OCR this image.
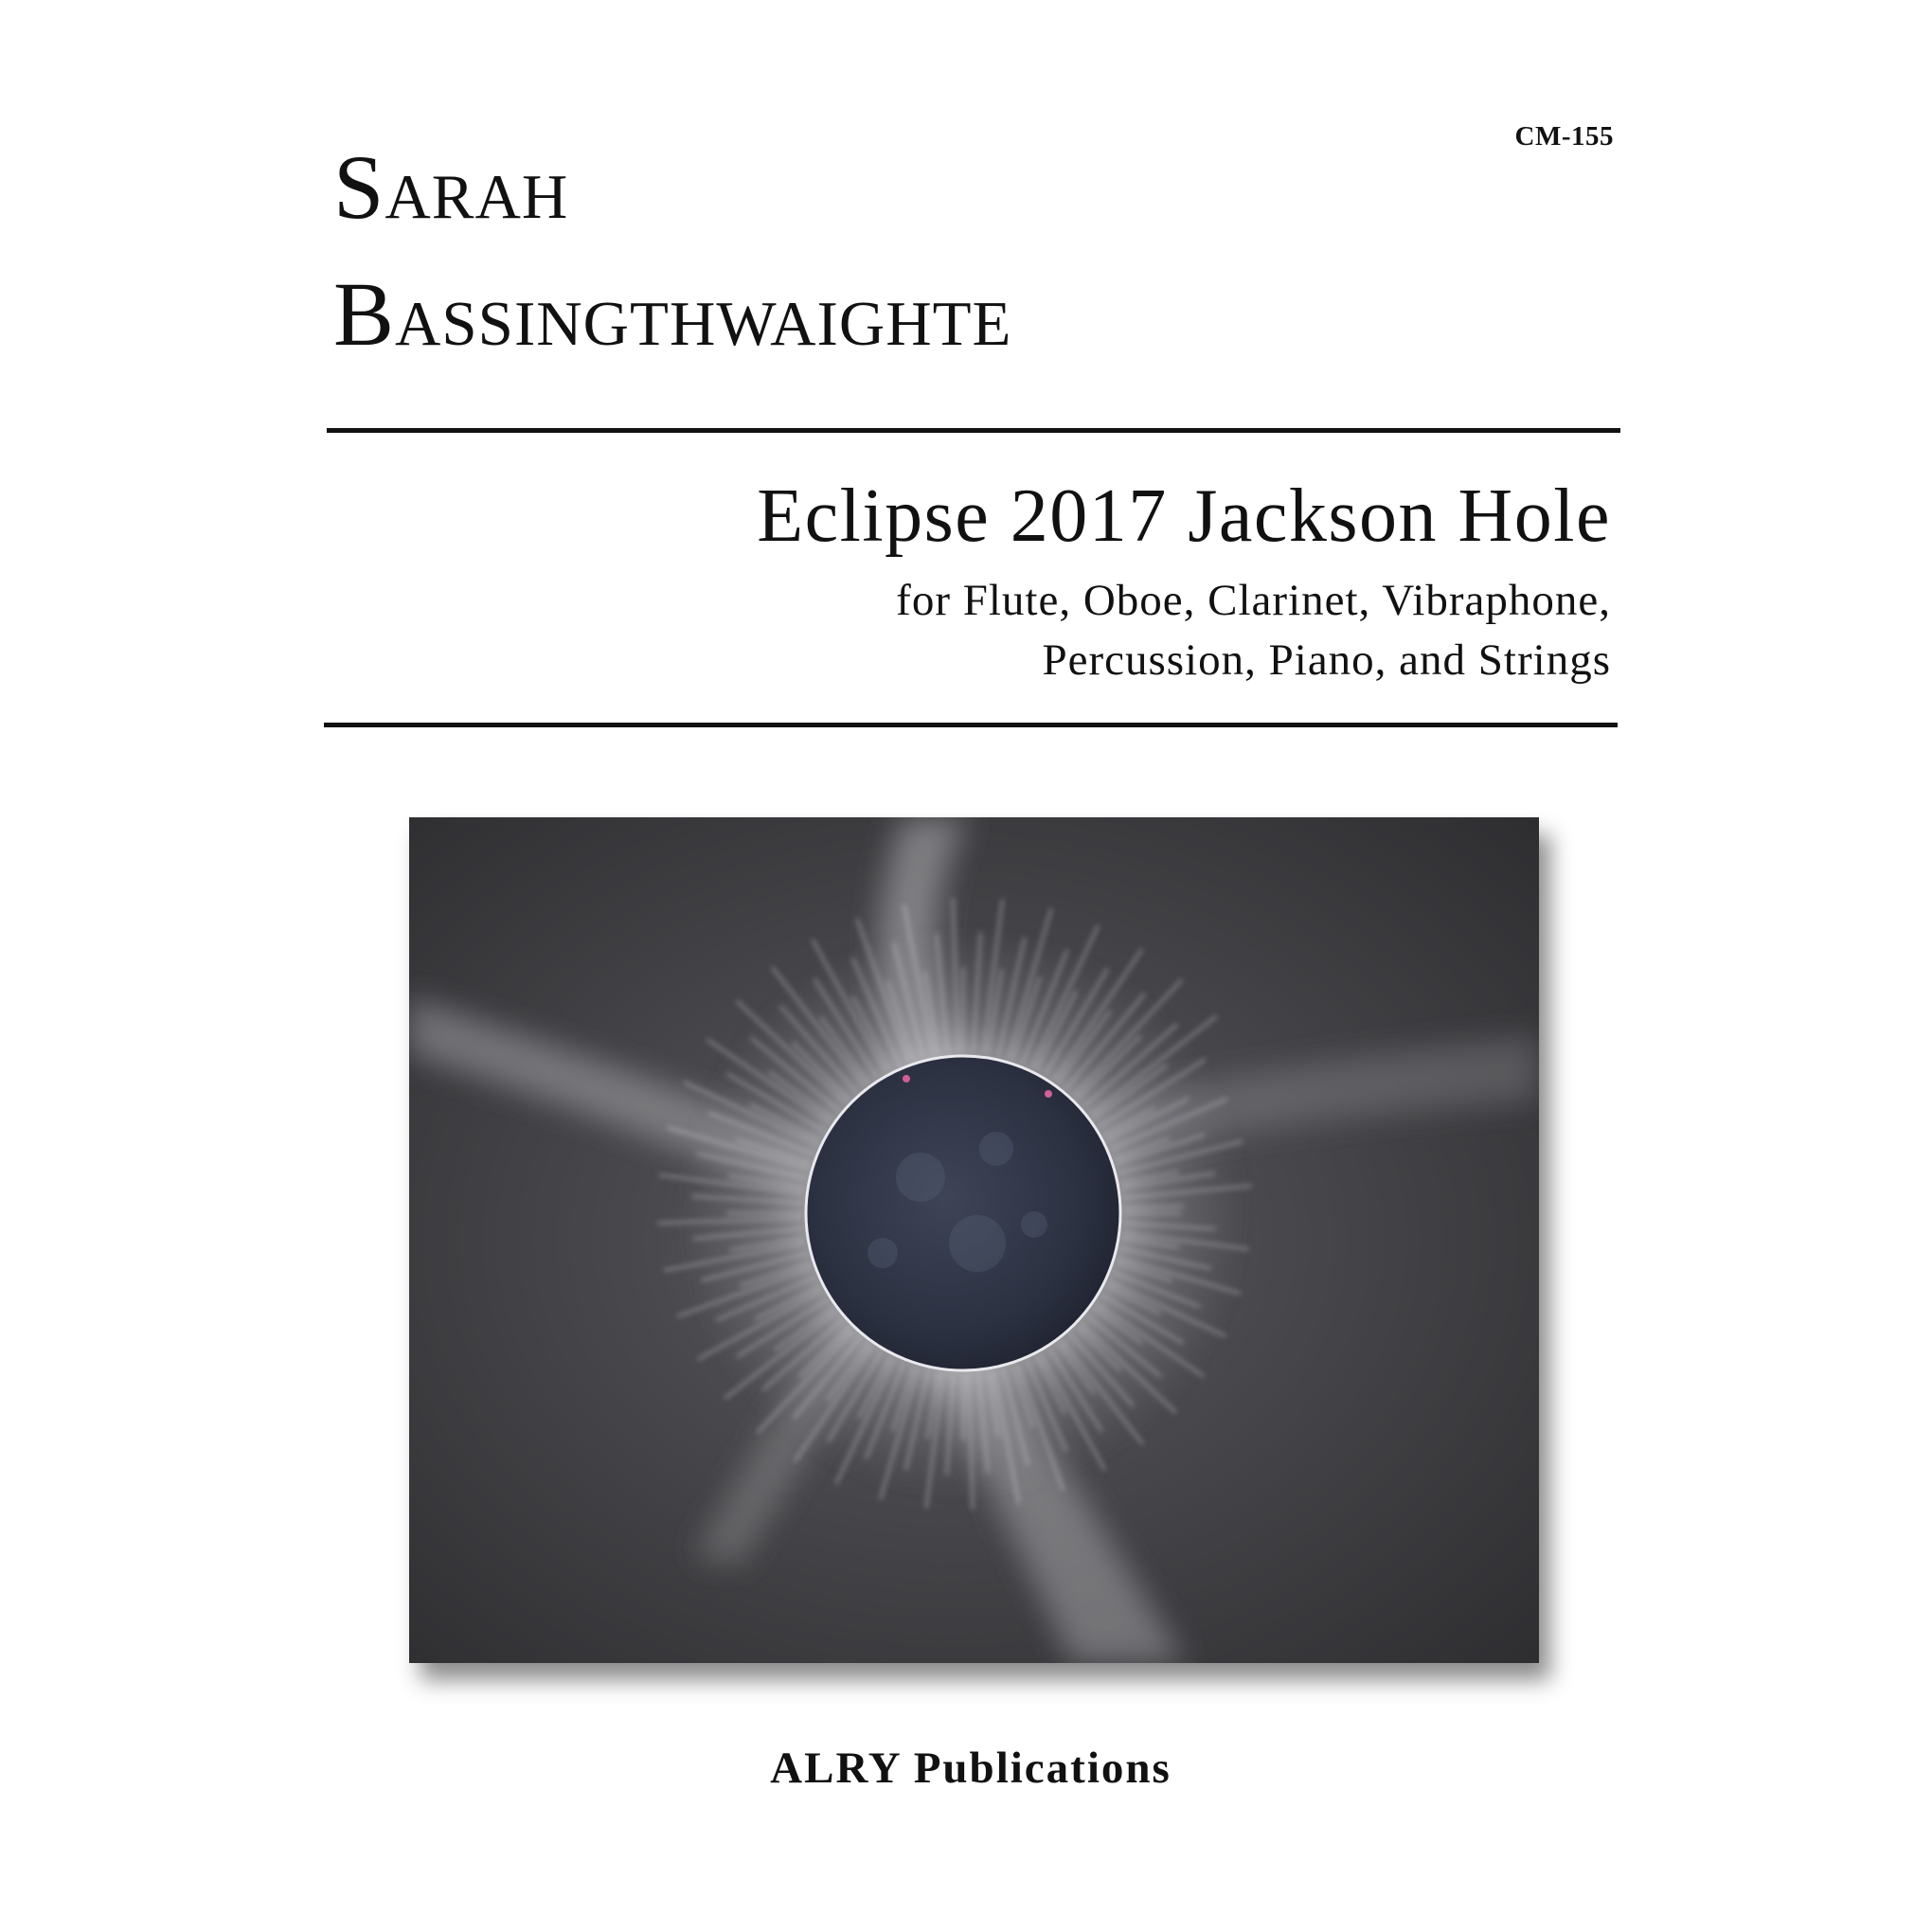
CM-155
Sarah
Bassingthwaighte
Eclipse 2017 Jackson Hole
for Flute, Oboe, Clarinet, Vibraphone,
Percussion, Piano, and Strings
ALRY Publications
